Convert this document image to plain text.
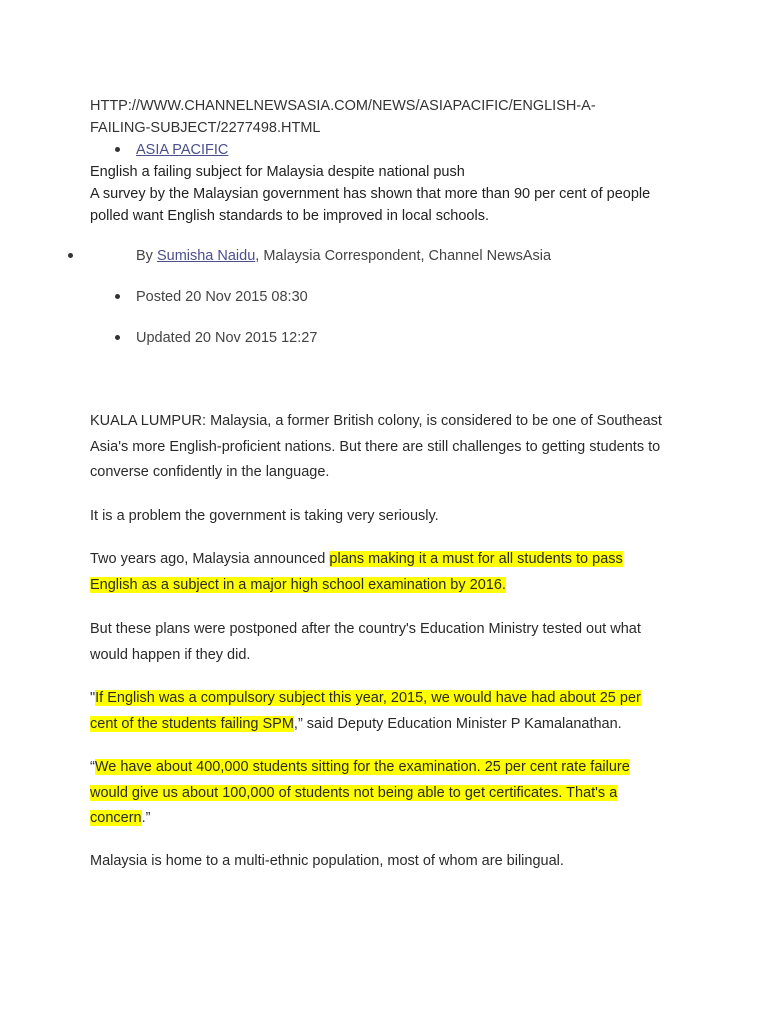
HTTP://WWW.CHANNELNEWSASIA.COM/NEWS/ASIAPACIFIC/ENGLISH-A-FAILING-SUBJECT/2277498.HTML
ASIA PACIFIC
English a failing subject for Malaysia despite national push
A survey by the Malaysian government has shown that more than 90 per cent of people polled want English standards to be improved in local schools.
By Sumisha Naidu, Malaysia Correspondent, Channel NewsAsia
Posted 20 Nov 2015 08:30
Updated 20 Nov 2015 12:27
KUALA LUMPUR: Malaysia, a former British colony, is considered to be one of Southeast Asia's more English-proficient nations. But there are still challenges to getting students to converse confidently in the language.
It is a problem the government is taking very seriously.
Two years ago, Malaysia announced plans making it a must for all students to pass English as a subject in a major high school examination by 2016.
But these plans were postponed after the country's Education Ministry tested out what would happen if they did.
"If English was a compulsory subject this year, 2015, we would have had about 25 per cent of the students failing SPM,” said Deputy Education Minister P Kamalanathan.
“We have about 400,000 students sitting for the examination. 25 per cent rate failure would give us about 100,000 of students not being able to get certificates. That's a concern.”
Malaysia is home to a multi-ethnic population, most of whom are bilingual.
